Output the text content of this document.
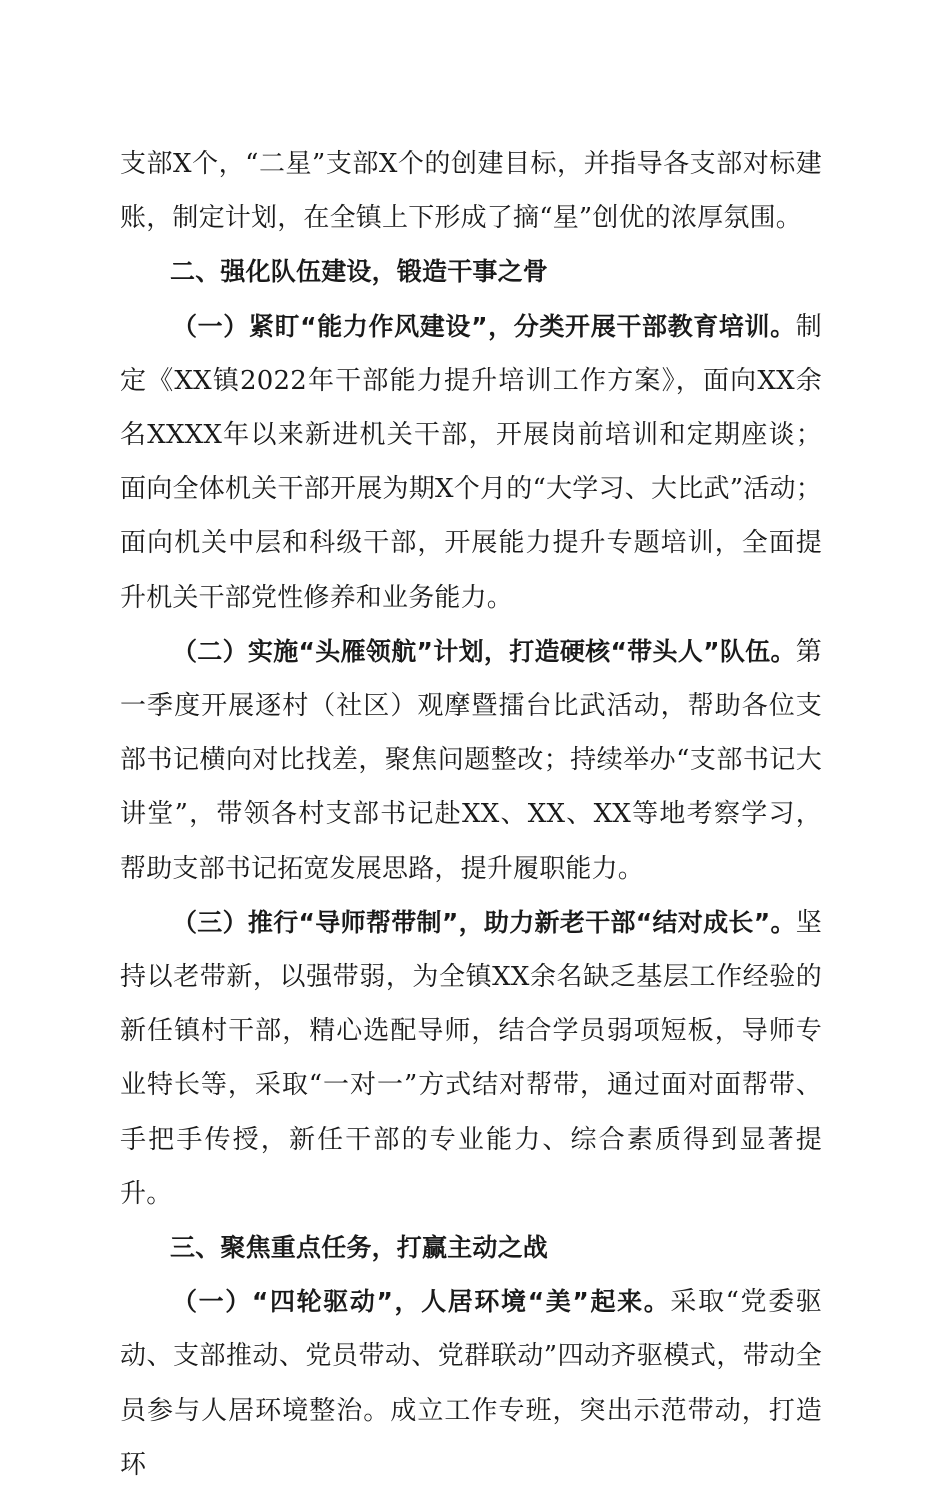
支部X个，“二星”支部X个的创建目标，并指导各支部对标建账，制定计划，在全镇上下形成了摘“星”创优的浓厚氛围。

二、强化队伍建设，锻造干事之骨

（一）紧盯“能力作风建设”，分类开展干部教育培训。制定《XX镇2022年干部能力提升培训工作方案》，面向XX余名XXXX年以来新进机关干部，开展岗前培训和定期座谈；面向全体机关干部开展为期X个月的“大学习、大比武”活动；面向机关中层和科级干部，开展能力提升专题培训，全面提升机关干部党性修养和业务能力。

（二）实施“头雁领航”计划，打造硬核“带头人”队伍。第一季度开展逐村（社区）观摩暨擂台比武活动，帮助各位支部书记横向对比找差，聚焦问题整改；持续举办“支部书记大讲堂”，带领各村支部书记赴XX、XX、XX等地考察学习，帮助支部书记拓宽发展思路，提升履职能力。

（三）推行“导师帮带制”，助力新老干部“结对成长”。坚持以老带新，以强带弱，为全镇XX余名缺乏基层工作经验的新任镇村干部，精心选配导师，结合学员弱项短板，导师专业特长等，采取“一对一”方式结对帮带，通过面对面帮带、手把手传授，新任干部的专业能力、综合素质得到显著提升。

三、聚焦重点任务，打赢主动之战

（一）“四轮驱动”，人居环境“美”起来。采取“党委驱动、支部推动、党员带动、党群联动”四动齐驱模式，带动全员参与人居环境整治。成立工作专班，突出示范带动，打造环
